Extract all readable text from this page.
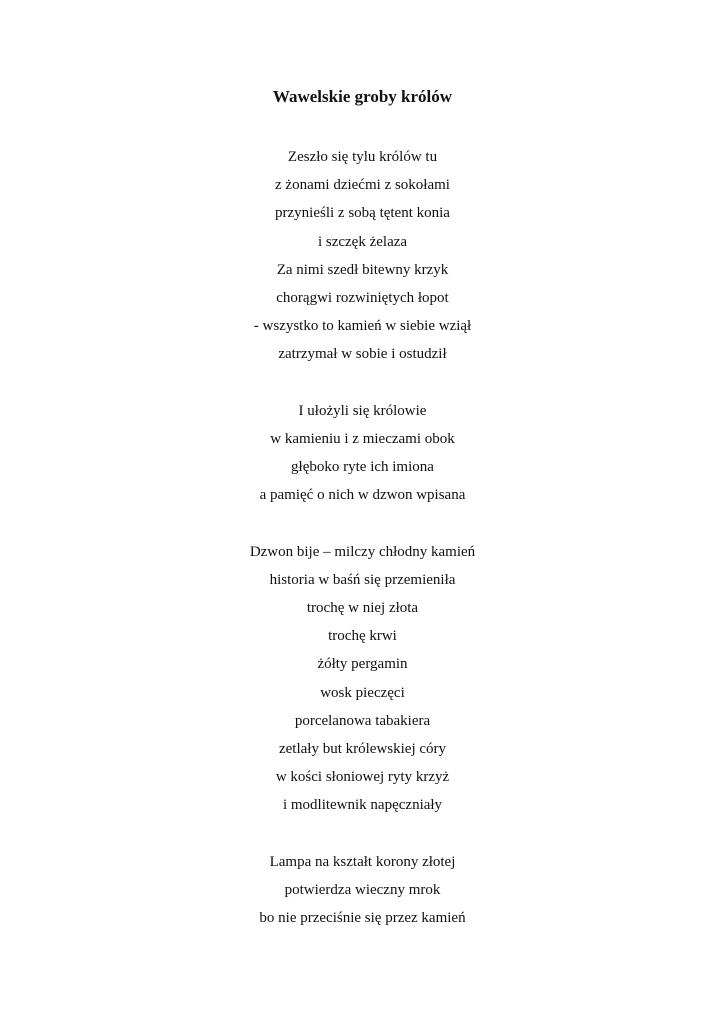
Wawelskie groby królów
Zeszło się tylu królów tu
z żonami dziećmi z sokołami
przynieśli z sobą tętent konia
i szczęk żelaza
Za nimi szedł bitewny krzyk
chorągwi rozwiniętych łopot
- wszystko to kamień w siebie wziął
zatrzymał w sobie i ostudził
I ułożyli się królowie
w kamieniu i z mieczami obok
głęboko ryte ich imiona
a pamięć o nich w dzwon wpisana
Dzwon bije – milczy chłodny kamień
historia w baśń się przemieniła
trochę w niej złota
trochę krwi
żółty pergamin
wosk pieczęci
porcelanowa tabakiera
zetlały but królewskiej córy
w kości słoniowej ryty krzyż
i modlitewnik napęczniały
Lampa na kształt korony złotej
potwierdza wieczny mrok
bo nie przeciśnie się przez kamień
